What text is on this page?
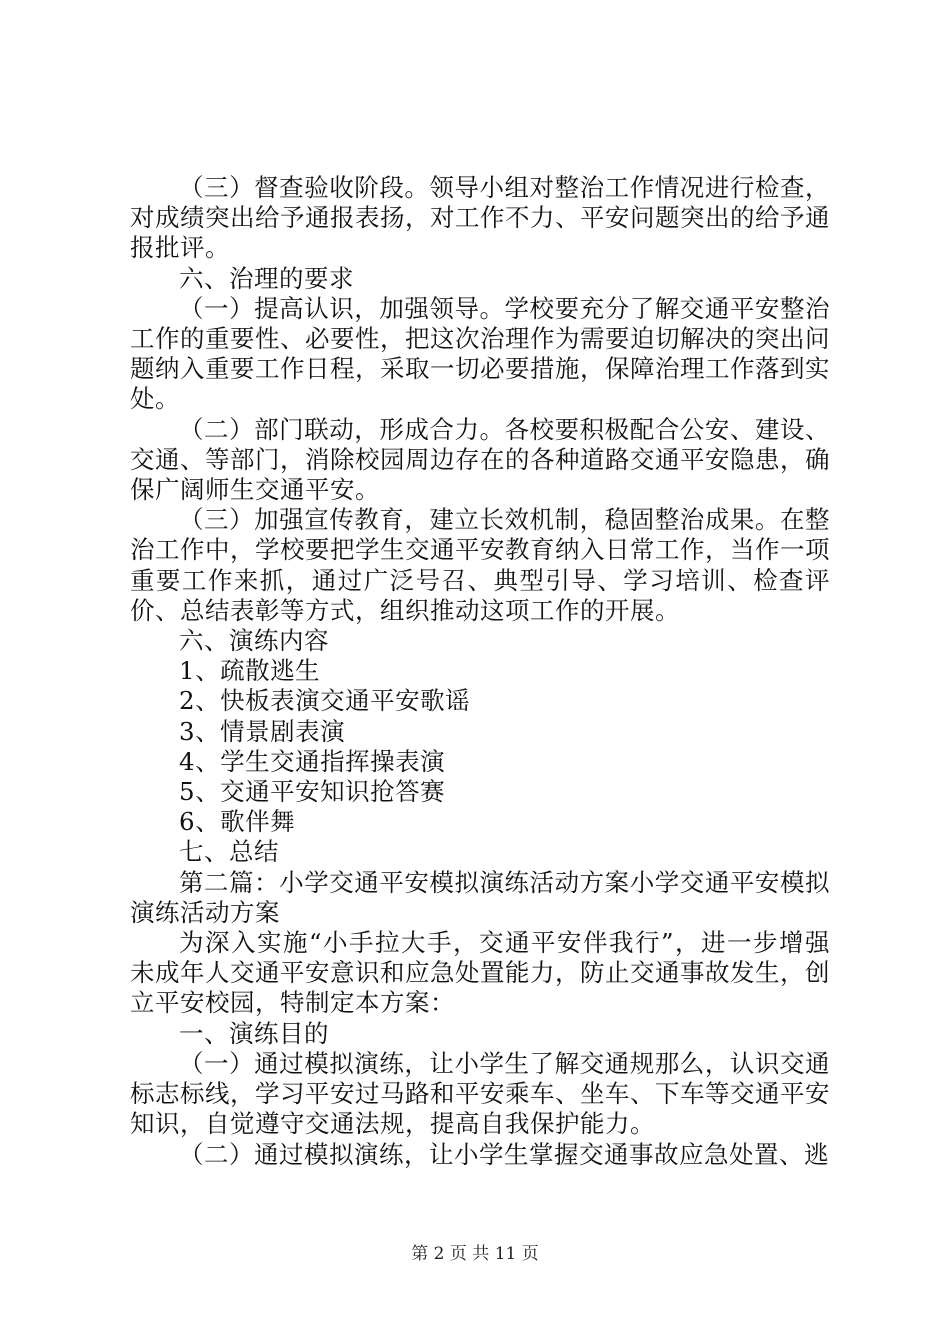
（三）督查验收阶段。领导小组对整治工作情况进行检查，对成绩突出给予通报表扬，对工作不力、平安问题突出的给予通报批评。

六、治理的要求

（一）提高认识，加强领导。学校要充分了解交通平安整治工作的重要性、必要性，把这次治理作为需要迫切解决的突出问题纳入重要工作日程，采取一切必要措施，保障治理工作落到实处。

（二）部门联动，形成合力。各校要积极配合公安、建设、交通、等部门，消除校园周边存在的各种道路交通平安隐患，确保广阔师生交通平安。

（三）加强宣传教育，建立长效机制，稳固整治成果。在整治工作中，学校要把学生交通平安教育纳入日常工作，当作一项重要工作来抓，通过广泛号召、典型引导、学习培训、检查评价、总结表彰等方式，组织推动这项工作的开展。

六、演练内容

1、疏散逃生

2、快板表演交通平安歌谣

3、情景剧表演

4、学生交通指挥操表演

5、交通平安知识抢答赛

6、歌伴舞

七、总结

第二篇：小学交通平安模拟演练活动方案小学交通平安模拟演练活动方案

为深入实施“小手拉大手，交通平安伴我行”，进一步增强未成年人交通平安意识和应急处置能力，防止交通事故发生，创立平安校园，特制定本方案：

一、演练目的

（一）通过模拟演练，让小学生了解交通规那么，认识交通标志标线，学习平安过马路和平安乘车、坐车、下车等交通平安知识，自觉遵守交通法规，提高自我保护能力。

（二）通过模拟演练，让小学生掌握交通事故应急处置、逃

第 2 页 共 11 页
